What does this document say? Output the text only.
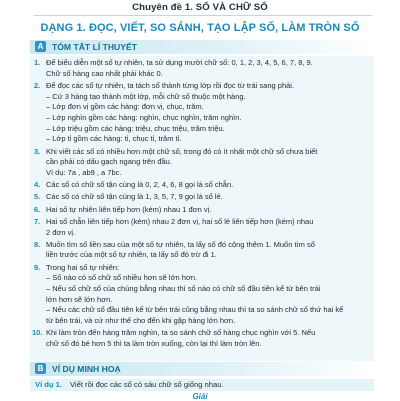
Chuyên đề 1. SỐ VÀ CHỮ SỐ
DẠNG 1. ĐỌC, VIẾT, SO SÁNH, TẠO LẬP SỐ, LÀM TRÒN SỐ
A	TÓM TẮT LÍ THUYẾT
1. Để biểu diễn một số tự nhiên, ta sử dụng mười chữ số: 0, 1, 2, 3, 4, 5, 6, 7, 8, 9.
Chữ số hàng cao nhất phải khác 0.
2. Để đọc các số tự nhiên, ta tách số thành từng lớp rồi đọc từ trái sang phải.
– Cứ 3 hàng tạo thành một lớp, mỗi chữ số thuộc một hàng.
– Lớp đơn vị gồm các hàng: đơn vị, chục, trăm.
– Lớp nghìn gồm các hàng: nghìn, chục nghìn, trăm nghìn.
– Lớp triệu gồm các hàng: triệu, chục triệu, trăm triệu.
– Lớp tỉ gồm các hàng: tỉ, chục tỉ, trăm tỉ.
3. Khi viết các số có nhiều hơn một chữ số, trong đó có ít nhất một chữ số chưa biết
cần phải có dấu gạch ngang trên đầu.
Ví dụ: 7a , ab9 , a 7bc.
4. Các số có chữ số tận cùng là 0, 2, 4, 6, 8 gọi là số chẵn.
5. Các số có chữ số tận cùng là 1, 3, 5, 7, 9 gọi là số lẻ.
6. Hai số tự nhiên liên tiếp hơn (kém) nhau 1 đơn vị.
7. Hai số chẵn liên tiếp hơn (kém) nhau 2 đơn vị, hai số lẻ liên tiếp hơn (kém) nhau
2 đơn vị.
8. Muốn tìm số liền sau của một số tự nhiên, ta lấy số đó cộng thêm 1. Muốn tìm số
liền trước của một số tự nhiên, ta lấy số đó trừ đi 1.
9. Trong hai số tự nhiên:
– Số nào có số chữ số nhiều hơn sẽ lớn hơn.
– Nếu số chữ số của chúng bằng nhau thì số nào có chữ số đầu tiên kể từ bên trái
lớn hơn sẽ lớn hơn.
– Nếu các chữ số đầu tiên kể từ bên trái cũng bằng nhau thì ta so sánh chữ số thứ hai kể
từ bên trái, và cứ như thế cho đến khi gặp hàng lớn hơn.
10. Khi làm tròn đến hàng trăm nghìn, ta so sánh chữ số hàng chục nghìn với 5. Nếu
chữ số đó bé hơn 5 thì ta làm tròn xuống, còn lại thì làm tròn lên.
B	VÍ DỤ MINH HOẠ
Ví dụ 1. Viết rồi đọc các số có sáu chữ số giống nhau.
Giải
